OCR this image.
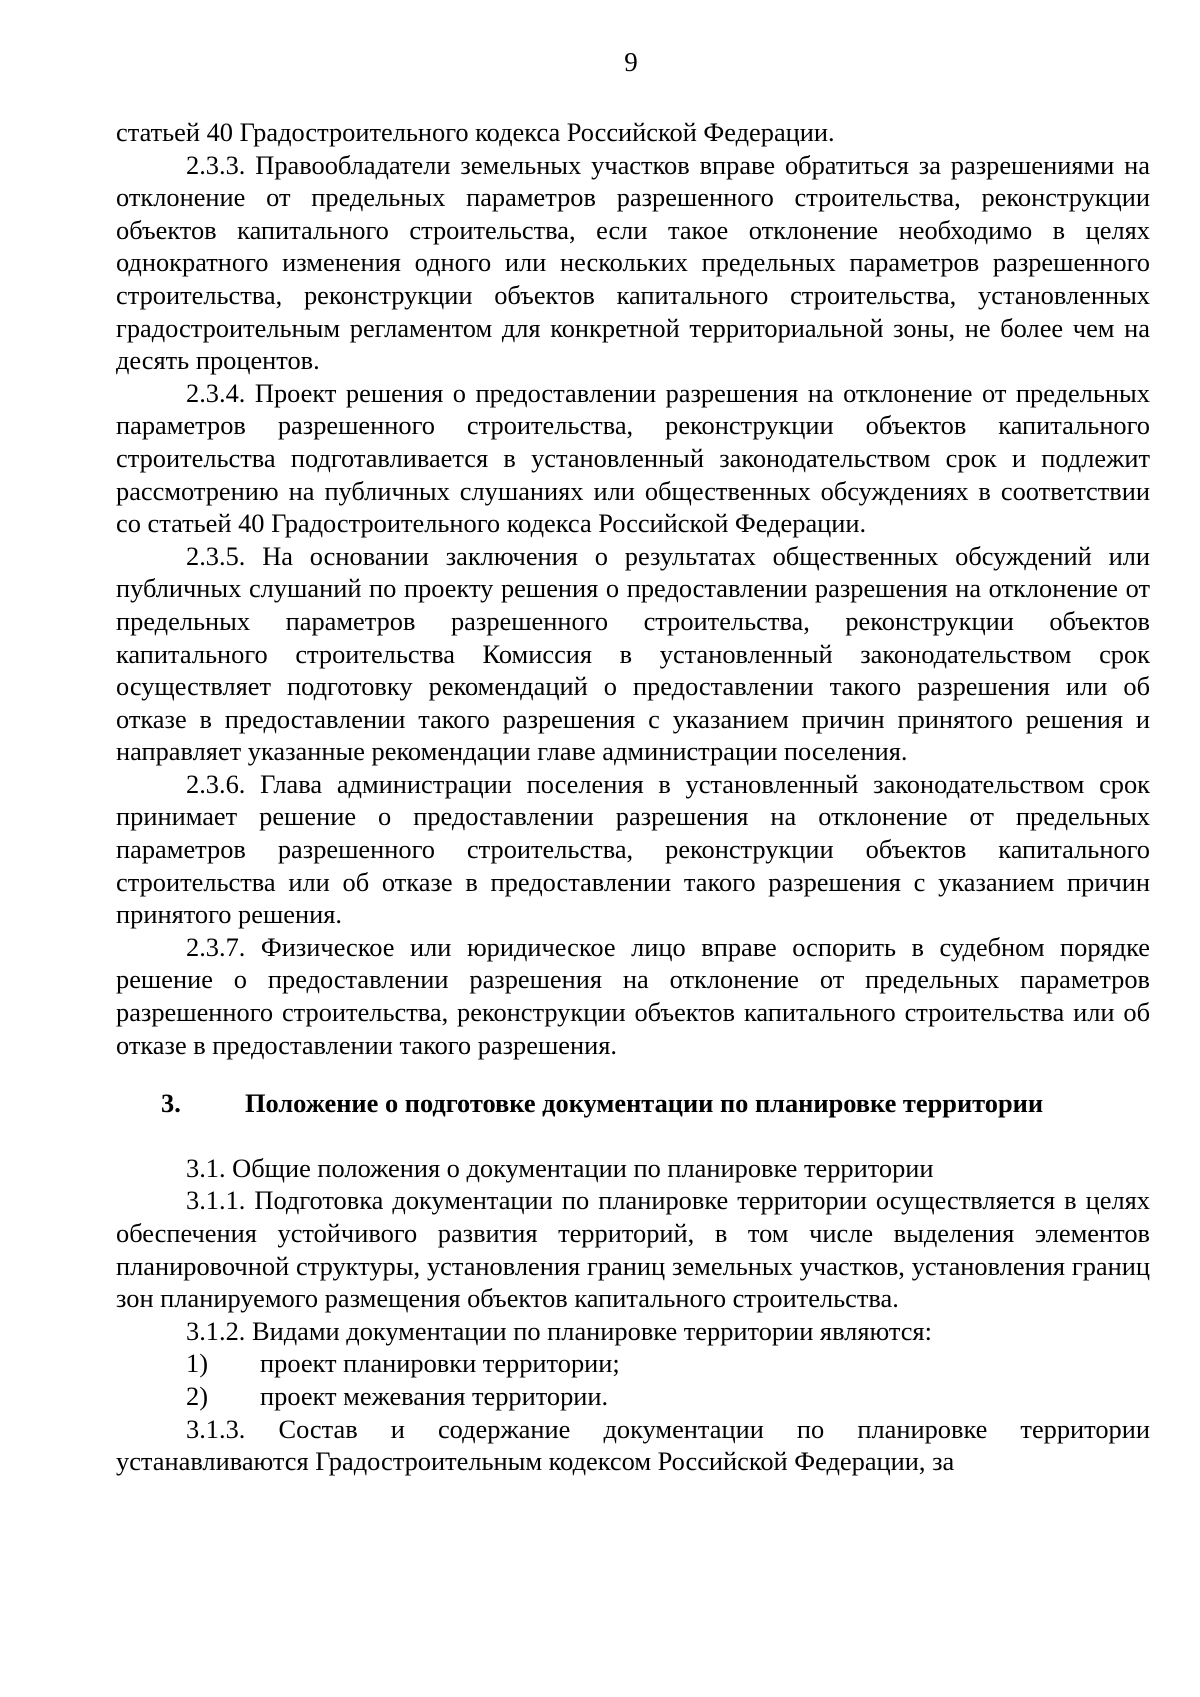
9

статьей 40 Градостроительного кодекса Российской Федерации.

2.3.3. Правообладатели земельных участков вправе обратиться за разрешениями на отклонение от предельных параметров разрешенного строительства, реконструкции объектов капитального строительства, если такое отклонение необходимо в целях однократного изменения одного или нескольких предельных параметров разрешенного строительства, реконструкции объектов капитального строительства, установленных градостроительным регламентом для конкретной территориальной зоны, не более чем на десять процентов.

2.3.4. Проект решения о предоставлении разрешения на отклонение от предельных параметров разрешенного строительства, реконструкции объектов капитального строительства подготавливается в установленный законодательством срок и подлежит рассмотрению на публичных слушаниях или общественных обсуждениях в соответствии со статьей 40 Градостроительного кодекса Российской Федерации.

2.3.5. На основании заключения о результатах общественных обсуждений или публичных слушаний по проекту решения о предоставлении разрешения на отклонение от предельных параметров разрешенного строительства, реконструкции объектов капитального строительства Комиссия в установленный законодательством срок осуществляет подготовку рекомендаций о предоставлении такого разрешения или об отказе в предоставлении такого разрешения с указанием причин принятого решения и направляет указанные рекомендации главе администрации поселения.

2.3.6. Глава администрации поселения в установленный законодательством срок принимает решение о предоставлении разрешения на отклонение от предельных параметров разрешенного строительства, реконструкции объектов капитального строительства или об отказе в предоставлении такого разрешения с указанием причин принятого решения.

2.3.7. Физическое или юридическое лицо вправе оспорить в судебном порядке решение о предоставлении разрешения на отклонение от предельных параметров разрешенного строительства, реконструкции объектов капитального строительства или об отказе в предоставлении такого разрешения.

3. Положение о подготовке документации по планировке территории

3.1. Общие положения о документации по планировке территории

3.1.1. Подготовка документации по планировке территории осуществляется в целях обеспечения устойчивого развития территорий, в том числе выделения элементов планировочной структуры, установления границ земельных участков, установления границ зон планируемого размещения объектов капитального строительства.

3.1.2. Видами документации по планировке территории являются:

1) проект планировки территории;
2) проект межевания территории.

3.1.3. Состав и содержание документации по планировке территории устанавливаются Градостроительным кодексом Российской Федерации, за
